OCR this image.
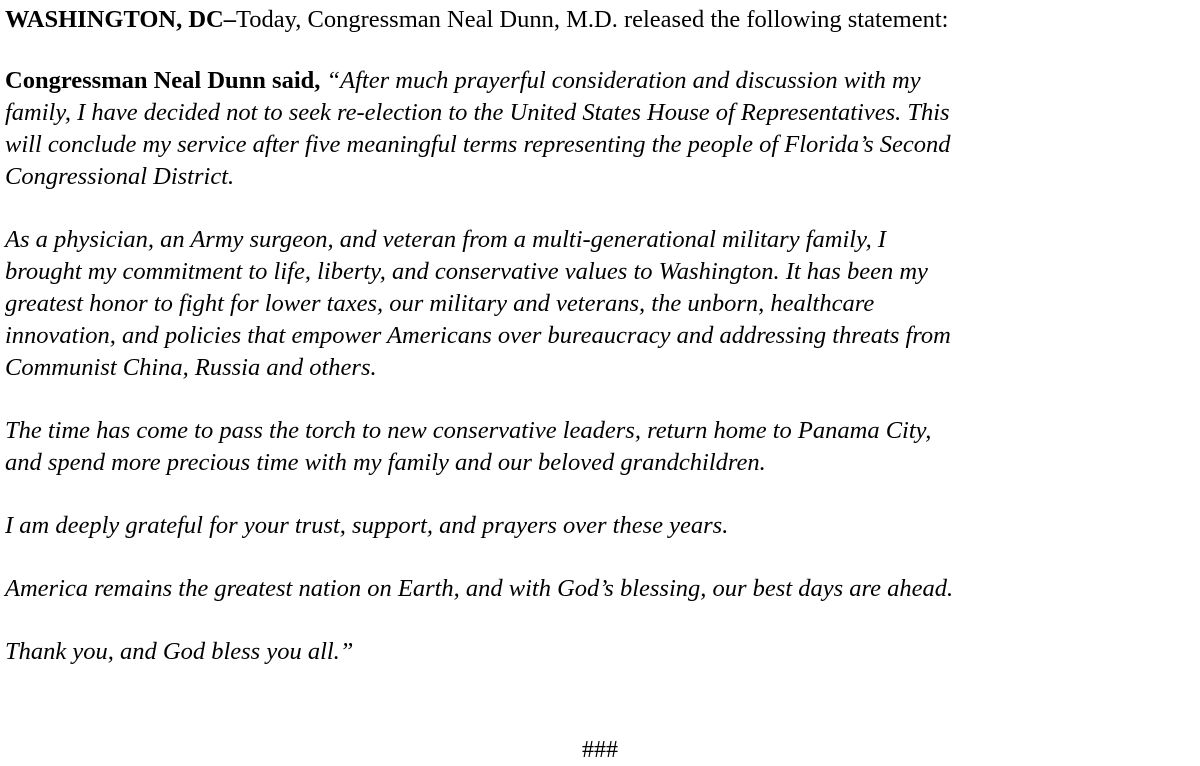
WASHINGTON, DC–Today, Congressman Neal Dunn, M.D. released the following statement:

Congressman Neal Dunn said, “After much prayerful consideration and discussion with my
family, I have decided not to seek re-election to the United States House of Representatives. This
will conclude my service after five meaningful terms representing the people of Florida’s Second
Congressional District.

As a physician, an Army surgeon, and veteran from a multi-generational military family, I
brought my commitment to life, liberty, and conservative values to Washington. It has been my
greatest honor to fight for lower taxes, our military and veterans, the unborn, healthcare
innovation, and policies that empower Americans over bureaucracy and addressing threats from
Communist China, Russia and others.

The time has come to pass the torch to new conservative leaders, return home to Panama City,
and spend more precious time with my family and our beloved grandchildren.

I am deeply grateful for your trust, support, and prayers over these years.

America remains the greatest nation on Earth, and with God’s blessing, our best days are ahead.

Thank you, and God bless you all.”

###
